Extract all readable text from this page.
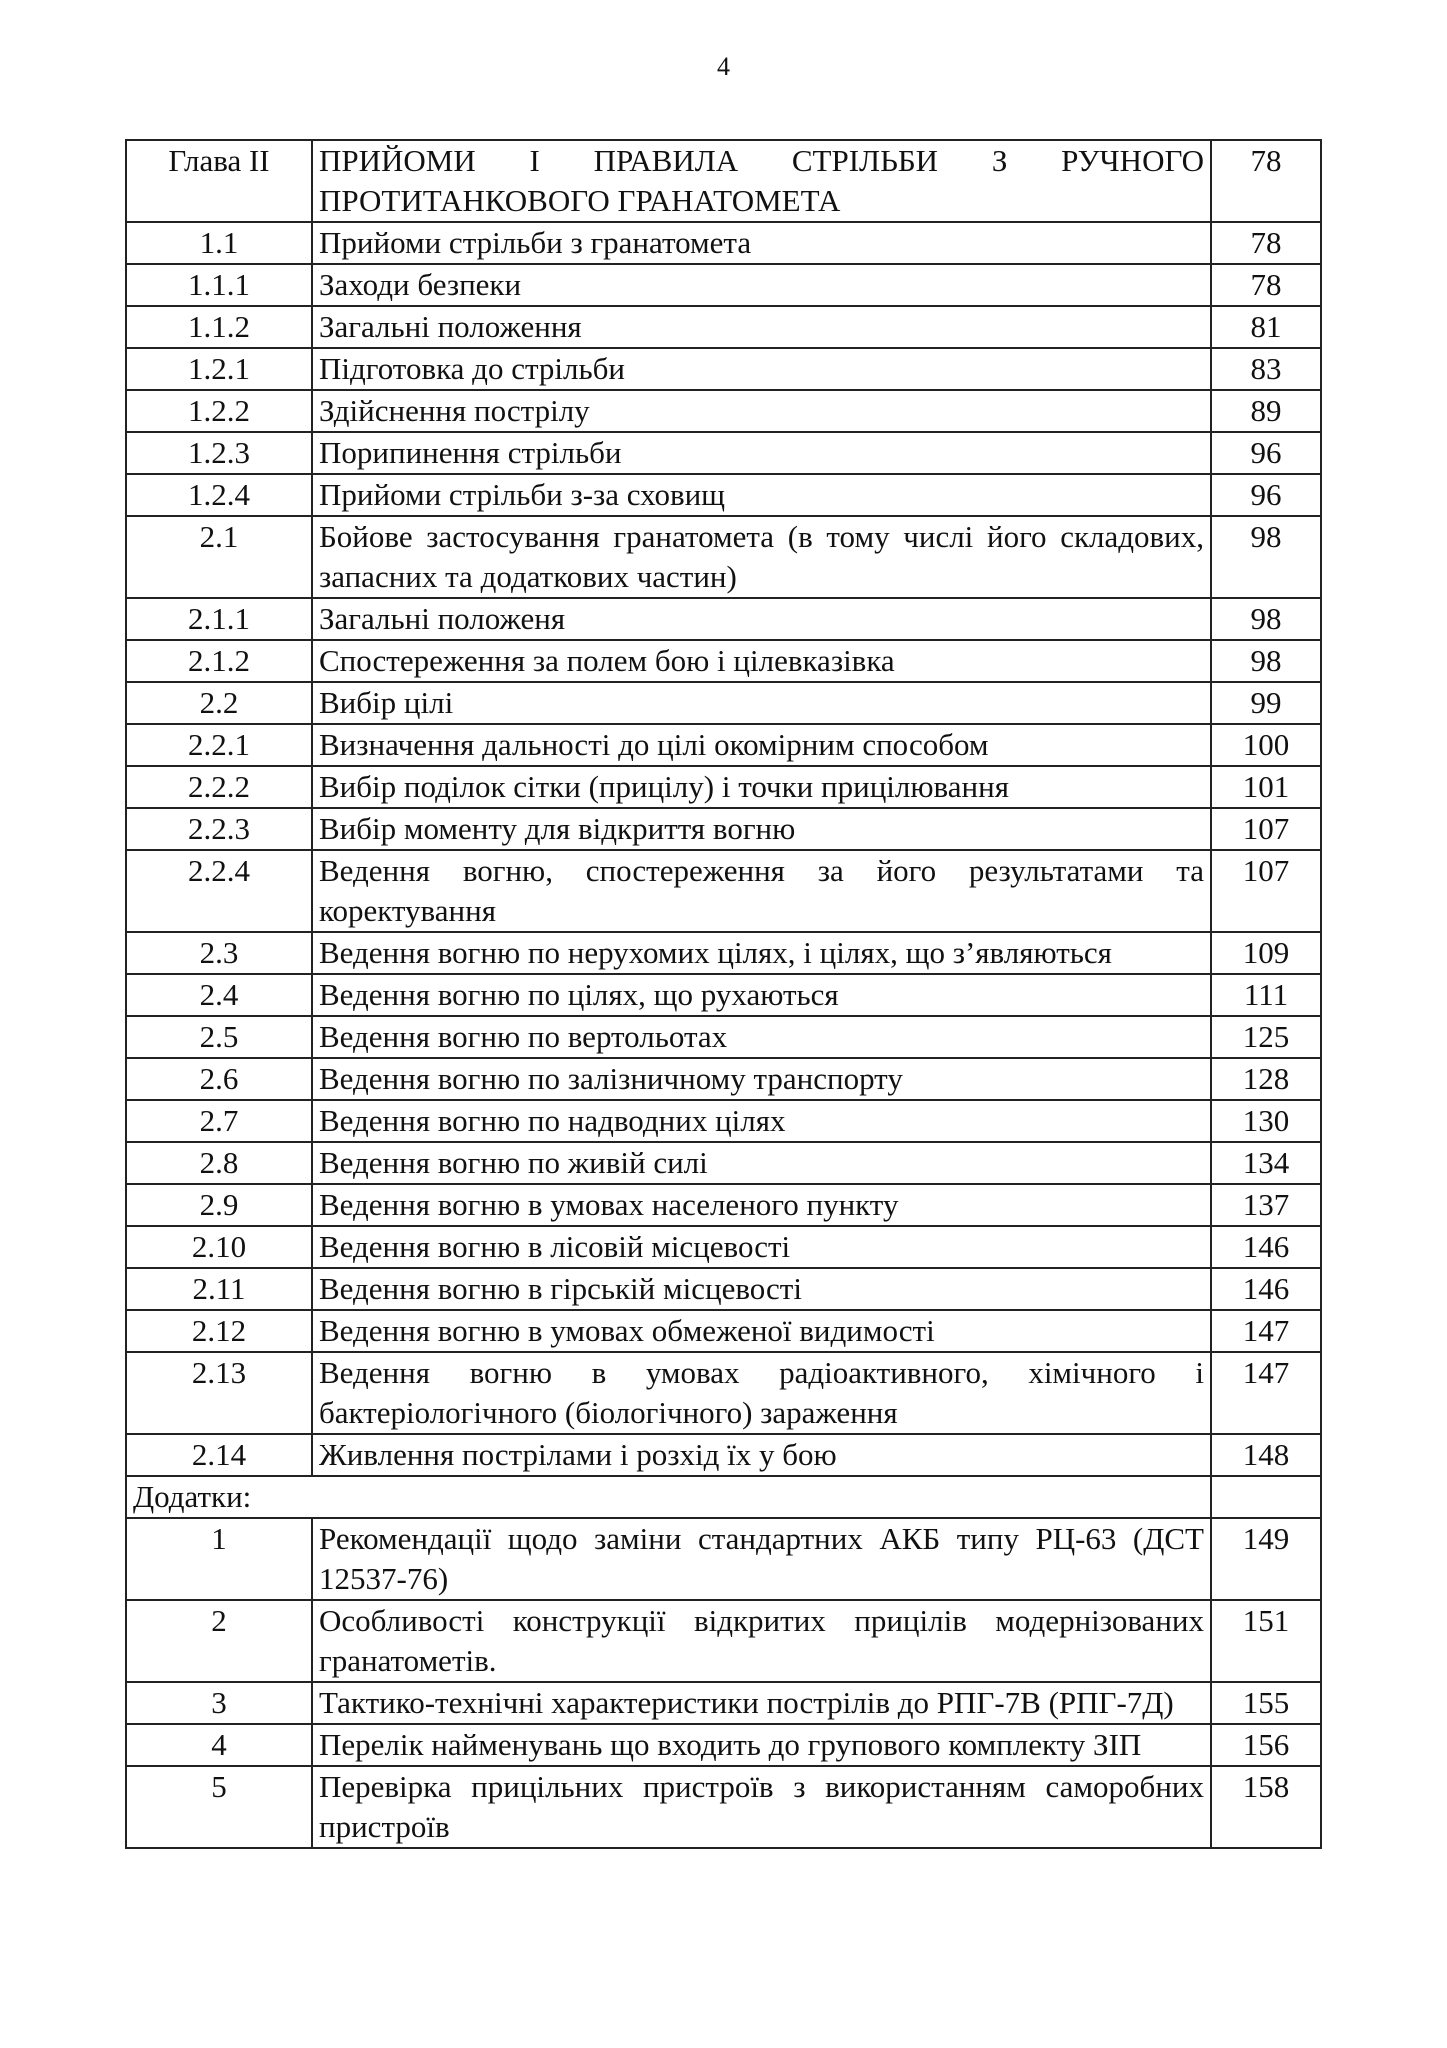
4
Глава II	ПРИЙОМИ І ПРАВИЛА СТРІЛЬБИ З РУЧНОГО ПРОТИТАНКОВОГО ГРАНАТОМЕТА	78
1.1	Прийоми стрільби з гранатомета	78
1.1.1	Заходи безпеки	78
1.1.2	Загальні положення	81
1.2.1	Підготовка до стрільби	83
1.2.2	Здійснення пострілу	89
1.2.3	Порипинення стрільби	96
1.2.4	Прийоми стрільби з-за сховищ	96
2.1	Бойове застосування гранатомета (в тому числі його складових, запасних та додаткових частин)	98
2.1.1	Загальні положеня	98
2.1.2	Спостереження за полем бою і цілевказівка	98
2.2	Вибір цілі	99
2.2.1	Визначення дальності до цілі окомірним способом	100
2.2.2	Вибір поділок сітки (прицілу) і точки прицілювання	101
2.2.3	Вибір моменту для відкриття вогню	107
2.2.4	Ведення вогню, спостереження за його результатами та коректування	107
2.3	Ведення вогню по нерухомих цілях, і цілях, що з’являються	109
2.4	Ведення вогню по цілях, що рухаються	111
2.5	Ведення вогню по вертольотах	125
2.6	Ведення вогню по залізничному транспорту	128
2.7	Ведення вогню по надводних цілях	130
2.8	Ведення вогню по живій силі	134
2.9	Ведення вогню в умовах населеного пункту	137
2.10	Ведення вогню в лісовій місцевості	146
2.11	Ведення вогню в гірській місцевості	146
2.12	Ведення вогню в умовах обмеженої видимості	147
2.13	Ведення вогню в умовах радіоактивного, хімічного і бактеріологічного (біологічного) зараження	147
2.14	Живлення пострілами і розхід їх у бою	148
Додатки:		
1	Рекомендації щодо заміни стандартних АКБ типу РЦ-63 (ДСТ 12537-76)	149
2	Особливості конструкції відкритих прицілів модернізованих гранатометів.	151
3	Тактико-технічні характеристики пострілів до РПГ-7В (РПГ-7Д)	155
4	Перелік найменувань що входить до групового комплекту ЗІП	156
5	Перевірка прицільних пристроїв з використанням саморобних пристроїв	158
